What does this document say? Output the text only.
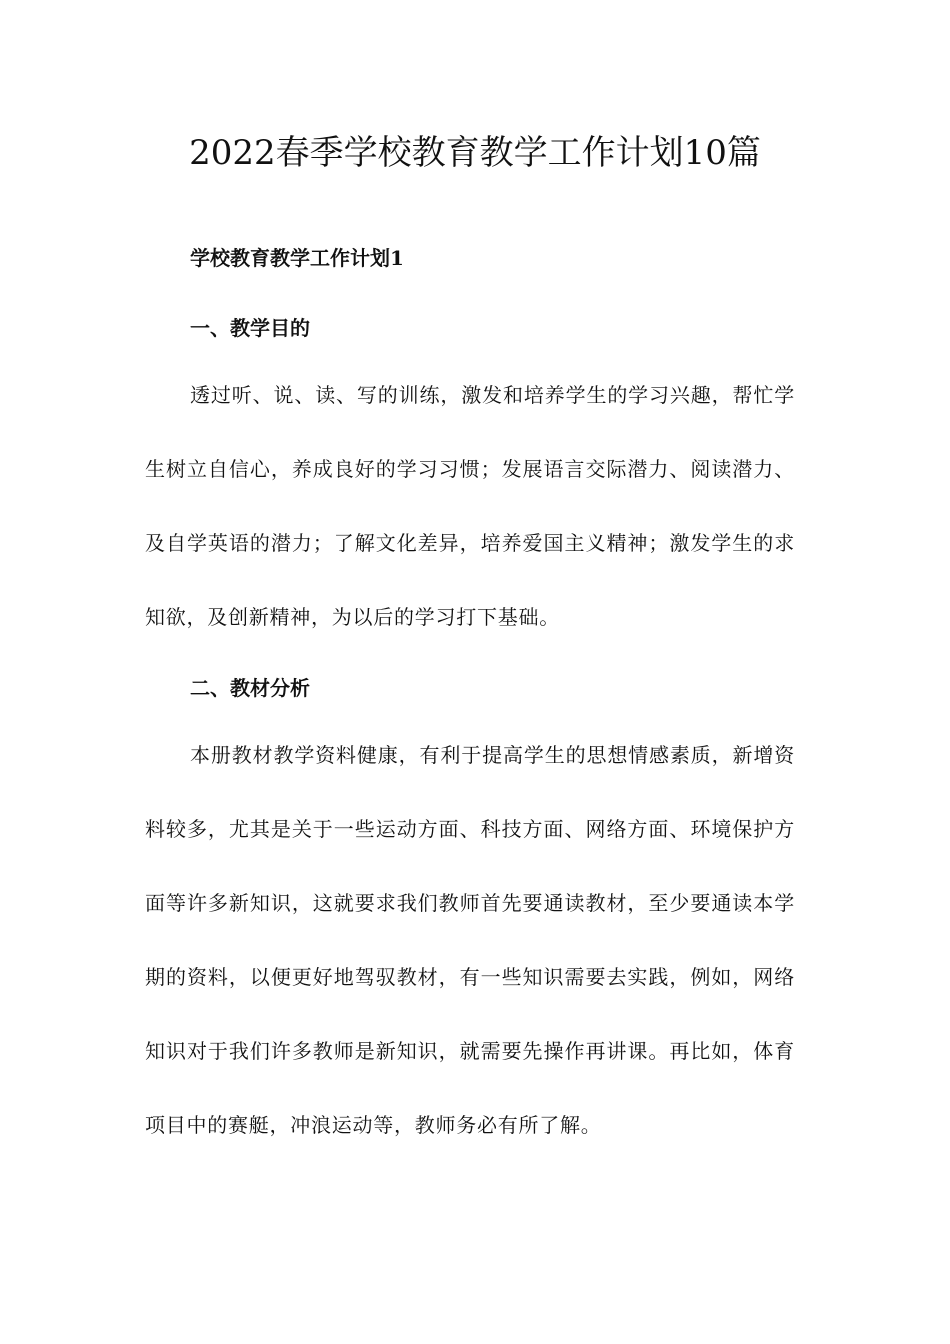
2022春季学校教育教学工作计划10篇

学校教育教学工作计划1

一、教学目的

透过听、说、读、写的训练，激发和培养学生的学习兴趣，帮忙学生树立自信心，养成良好的学习习惯；发展语言交际潜力、阅读潜力、及自学英语的潜力；了解文化差异，培养爱国主义精神；激发学生的求知欲，及创新精神，为以后的学习打下基础。

二、教材分析

本册教材教学资料健康，有利于提高学生的思想情感素质，新增资料较多，尤其是关于一些运动方面、科技方面、网络方面、环境保护方面等许多新知识，这就要求我们教师首先要通读教材，至少要通读本学期的资料，以便更好地驾驭教材，有一些知识需要去实践，例如，网络知识对于我们许多教师是新知识，就需要先操作再讲课。再比如，体育项目中的赛艇，冲浪运动等，教师务必有所了解。
